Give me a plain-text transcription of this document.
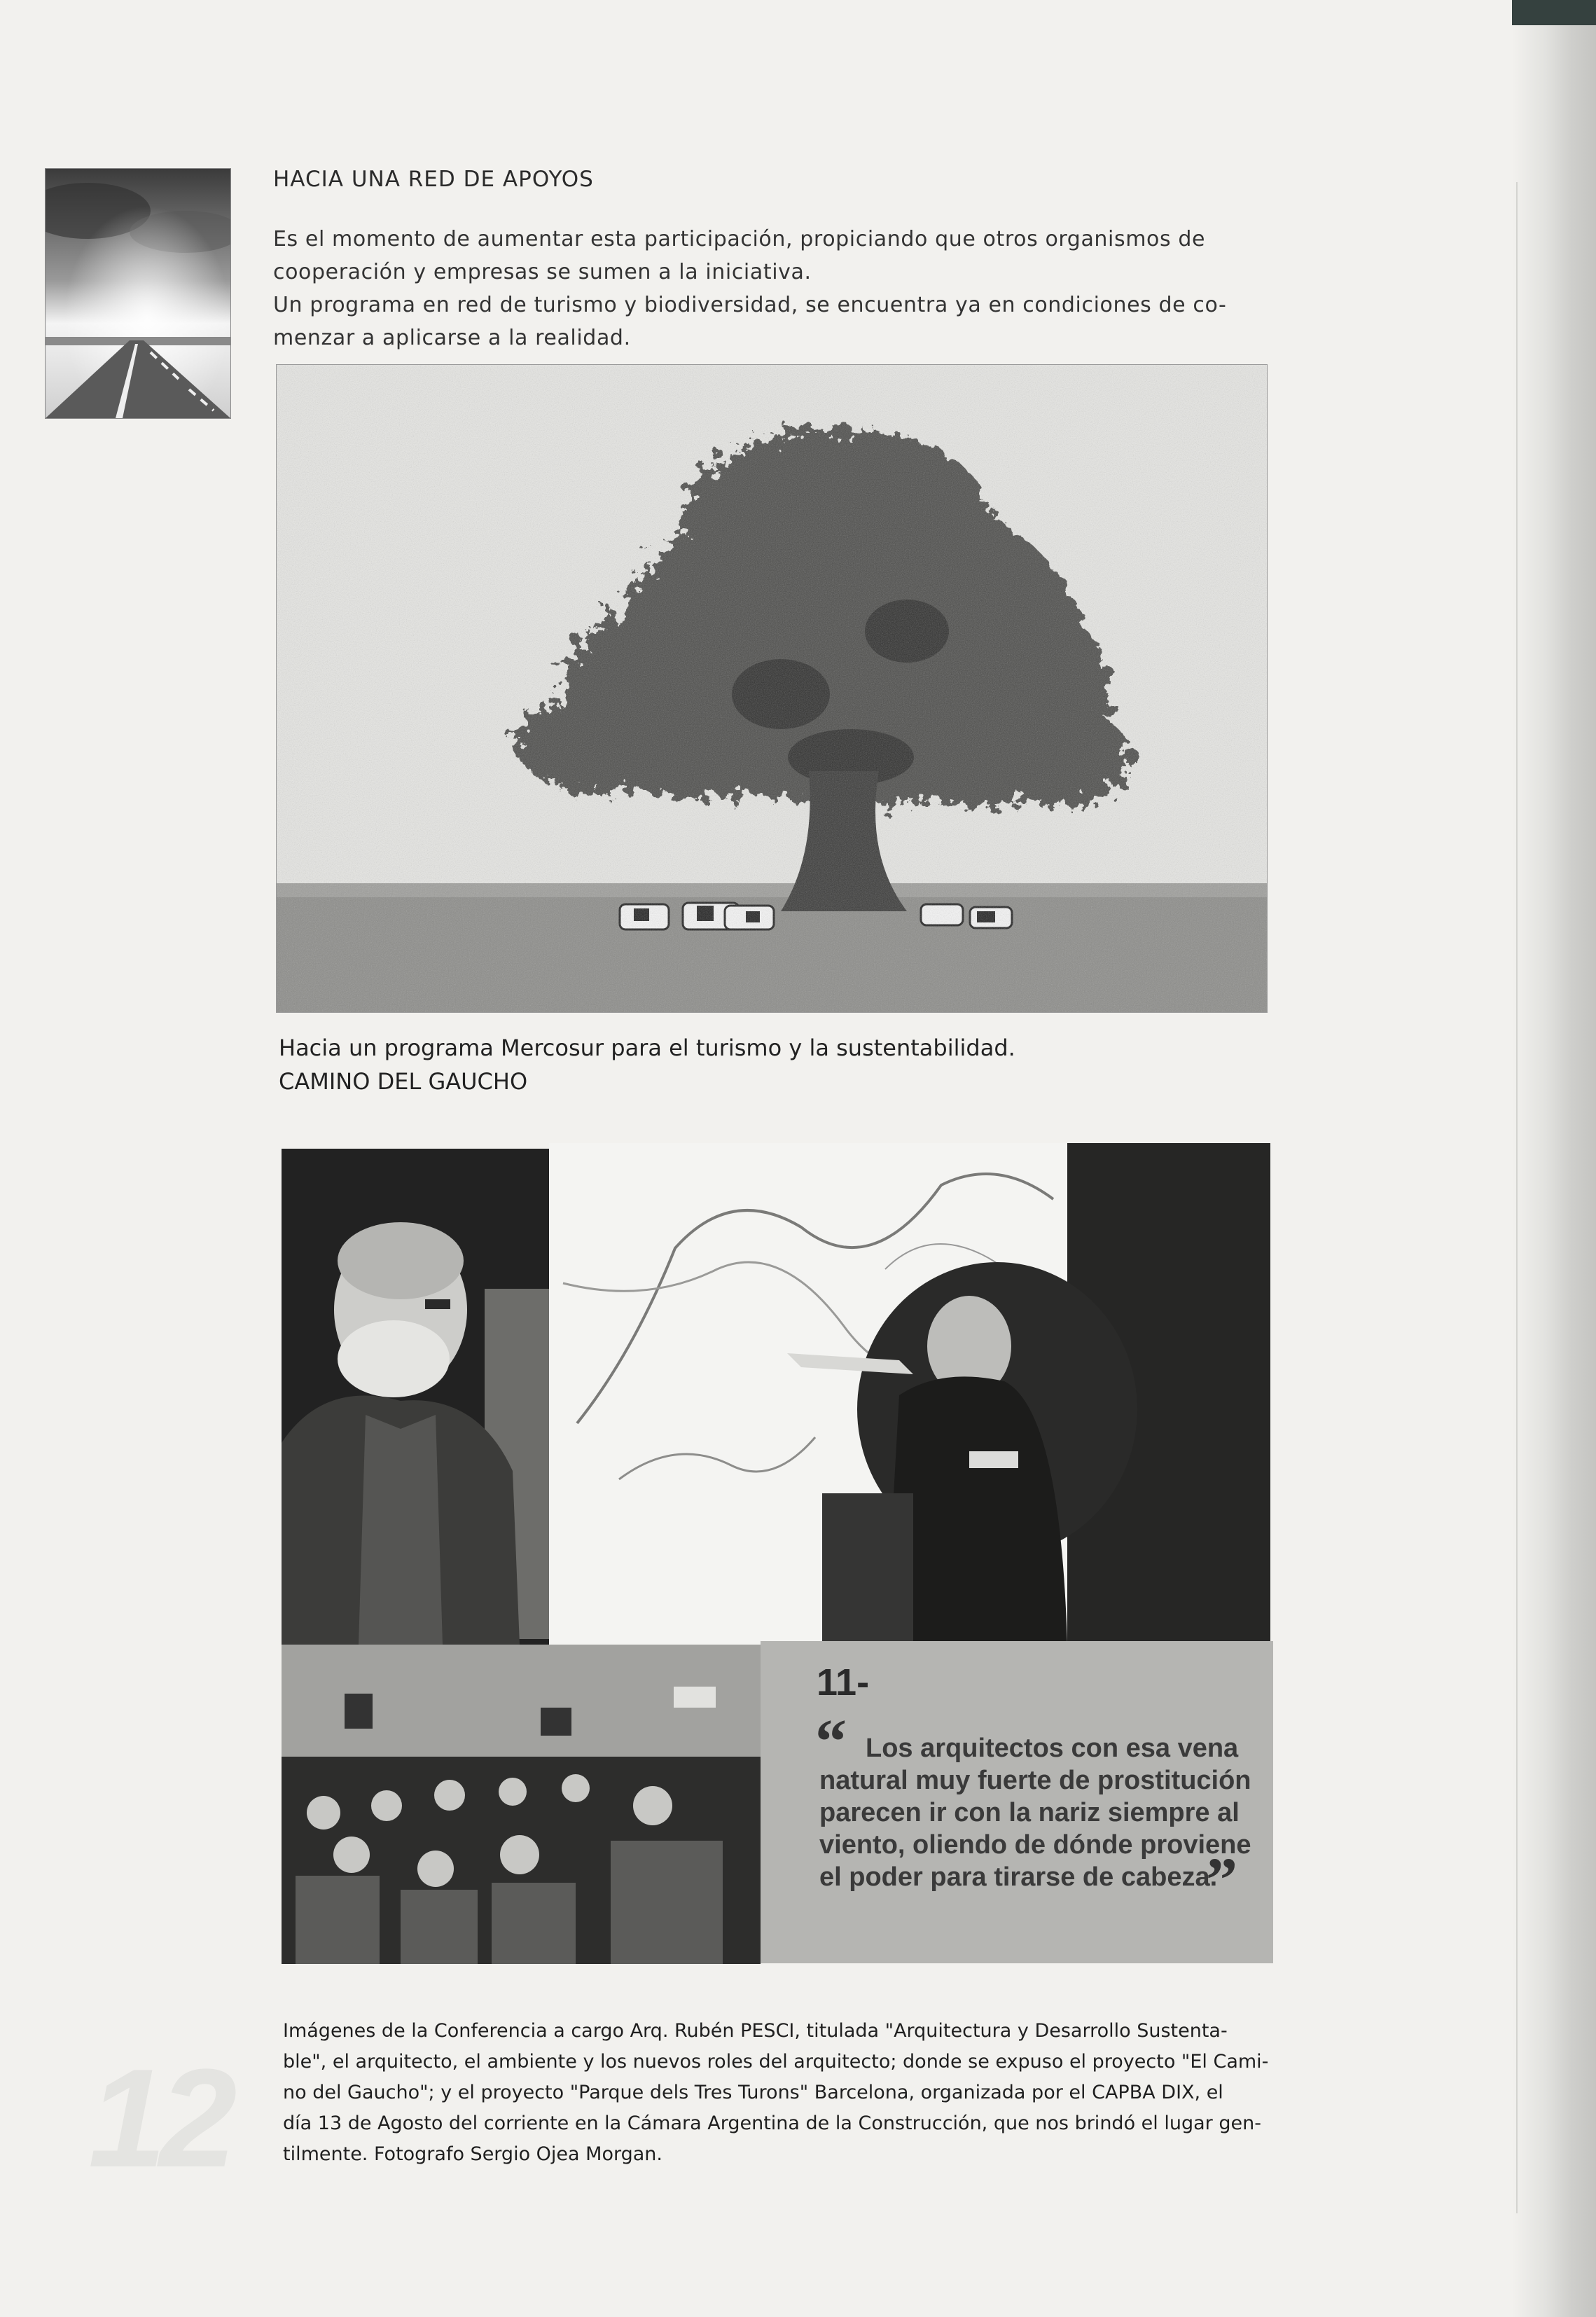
HACIA UNA RED DE APOYOS

Es el momento de aumentar esta participación, propiciando que otros organismos de

cooperación y empresas se sumen a la iniciativa.

Un programa en red de turismo y biodiversidad, se encuentra ya en condiciones de co-

menzar a aplicarse a la realidad.

Hacia un programa Mercosur para el turismo y la sustentabilidad.
CAMINO DEL GAUCHO
11-
“ Los arquitectos con esa vena natural muy fuerte de prostitución parecen ir con la nariz siempre al viento, oliendo de dónde proviene el poder para tirarse de cabeza.
”
12
Imágenes de la Conferencia a cargo Arq. Rubén PESCI, titulada "Arquitectura y Desarrollo Sustenta-
ble", el arquitecto, el ambiente y los nuevos roles del arquitecto; donde se expuso el proyecto "El Cami-
no del Gaucho"; y el proyecto "Parque dels Tres Turons" Barcelona, organizada por el CAPBA DIX, el
día 13 de Agosto del corriente en la Cámara Argentina de la Construcción, que nos brindó el lugar gen-
tilmente. Fotografo Sergio Ojea Morgan.
